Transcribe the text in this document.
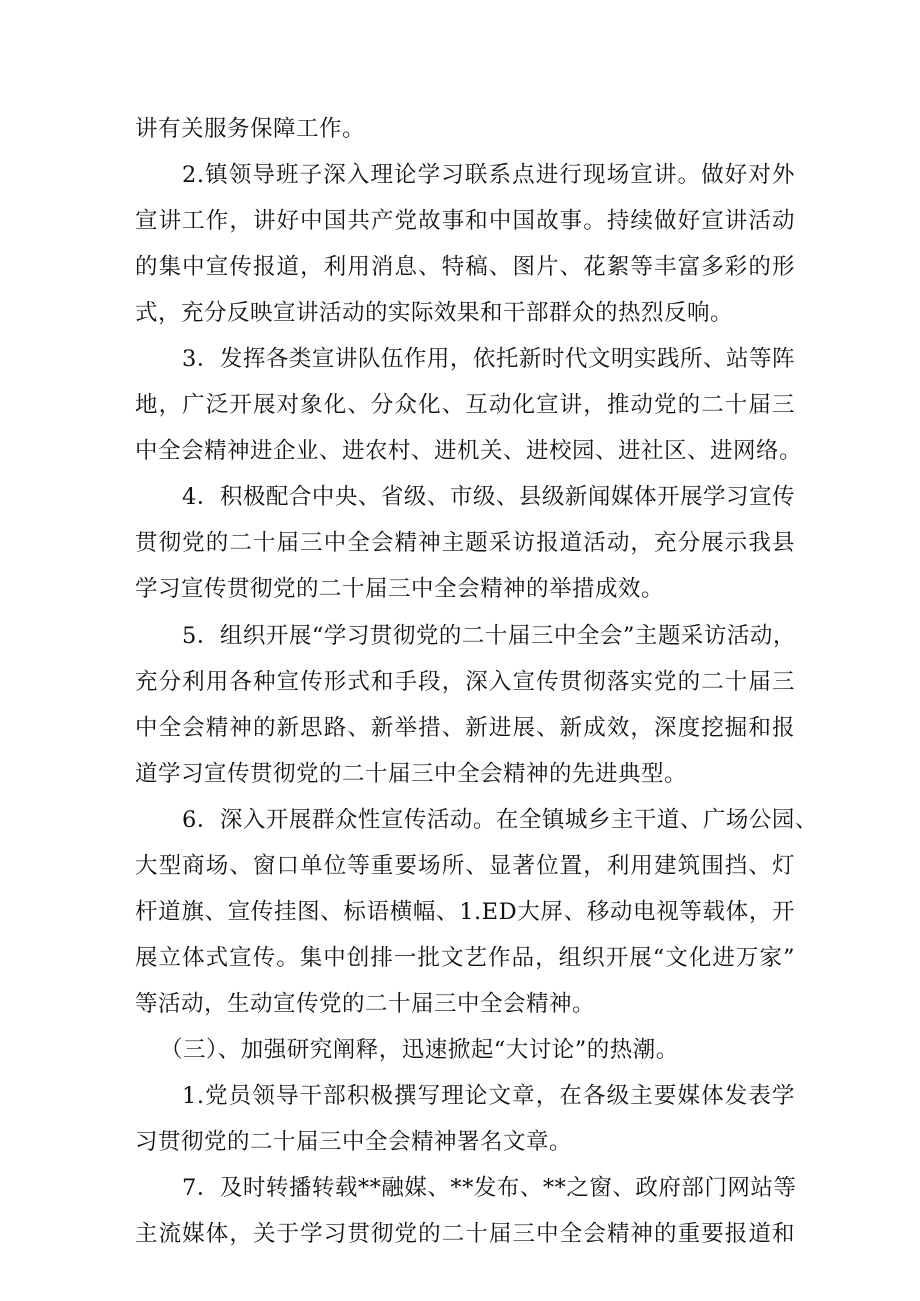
讲有关服务保障工作。
2.镇领导班子深入理论学习联系点进行现场宣讲。做好对外
宣讲工作，讲好中国共产党故事和中国故事。持续做好宣讲活动
的集中宣传报道，利用消息、特稿、图片、花絮等丰富多彩的形
式，充分反映宣讲活动的实际效果和干部群众的热烈反响。
3．发挥各类宣讲队伍作用，依托新时代文明实践所、站等阵
地，广泛开展对象化、分众化、互动化宣讲，推动党的二十届三
中全会精神进企业、进农村、进机关、进校园、进社区、进网络。
4．积极配合中央、省级、市级、县级新闻媒体开展学习宣传
贯彻党的二十届三中全会精神主题采访报道活动，充分展示我县
学习宣传贯彻党的二十届三中全会精神的举措成效。
5．组织开展“学习贯彻党的二十届三中全会”主题采访活动，
充分利用各种宣传形式和手段，深入宣传贯彻落实党的二十届三
中全会精神的新思路、新举措、新进展、新成效，深度挖掘和报
道学习宣传贯彻党的二十届三中全会精神的先进典型。
6．深入开展群众性宣传活动。在全镇城乡主干道、广场公园、
大型商场、窗口单位等重要场所、显著位置，利用建筑围挡、灯
杆道旗、宣传挂图、标语横幅、1.ED大屏、移动电视等载体，开
展立体式宣传。集中创排一批文艺作品，组织开展“文化进万家”
等活动，生动宣传党的二十届三中全会精神。
（三）、加强研究阐释，迅速掀起“大讨论”的热潮。
1.党员领导干部积极撰写理论文章，在各级主要媒体发表学
习贯彻党的二十届三中全会精神署名文章。
7．及时转播转载**融媒、**发布、**之窗、政府部门网站等
主流媒体，关于学习贯彻党的二十届三中全会精神的重要报道和
